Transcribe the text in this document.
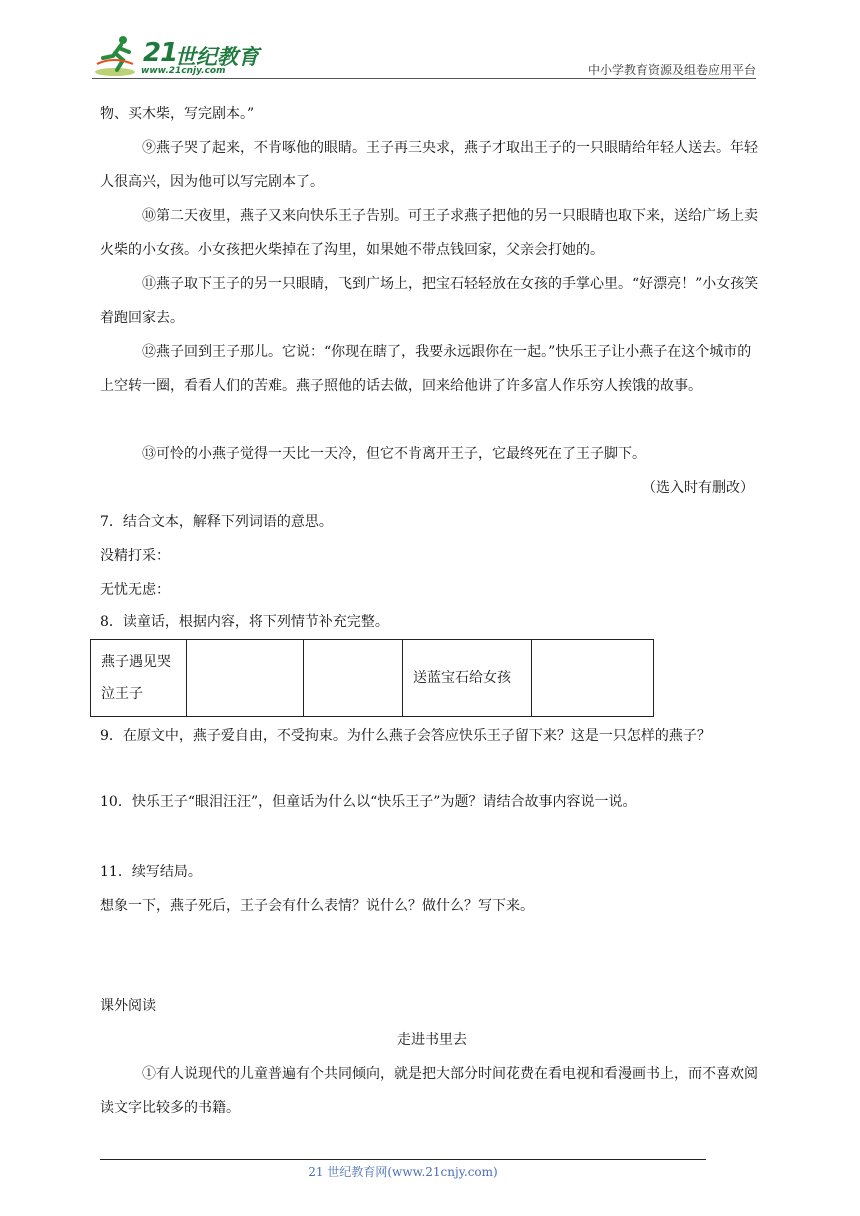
21
世纪教育
www.21cnjy.com	中小学教育资源及组卷应用平台

物、买木柴，写完剧本。”

⑨燕子哭了起来，不肯啄他的眼睛。王子再三央求，燕子才取出王子的一只眼睛给年轻人送去。年轻人很高兴，因为他可以写完剧本了。

⑩第二天夜里，燕子又来向快乐王子告别。可王子求燕子把他的另一只眼睛也取下来，送给广场上卖火柴的小女孩。小女孩把火柴掉在了沟里，如果她不带点钱回家，父亲会打她的。

⑪燕子取下王子的另一只眼睛，飞到广场上，把宝石轻轻放在女孩的手掌心里。“好漂亮！”小女孩笑着跑回家去。

⑫燕子回到王子那儿。它说：“你现在瞎了，我要永远跟你在一起。”快乐王子让小燕子在这个城市的上空转一圈，看看人们的苦难。燕子照他的话去做，回来给他讲了许多富人作乐穷人挨饿的故事。

⑬可怜的小燕子觉得一天比一天冷，但它不肯离开王子，它最终死在了王子脚下。

（选入时有删改）

7．结合文本，解释下列词语的意思。

没精打采：

无忧无虑：

8．读童话，根据内容，将下列情节补充完整。

燕子遇见哭泣王子			送蓝宝石给女孩	

9．在原文中，燕子爱自由，不受拘束。为什么燕子会答应快乐王子留下来？这是一只怎样的燕子？

10．快乐王子“眼泪汪汪”，但童话为什么以“快乐王子”为题？请结合故事内容说一说。

11．续写结局。

想象一下，燕子死后，王子会有什么表情？说什么？做什么？写下来。

课外阅读

走进书里去

①有人说现代的儿童普遍有个共同倾向，就是把大部分时间花费在看电视和看漫画书上，而不喜欢阅读文字比较多的书籍。

21 世纪教育网(www.21cnjy.com)
